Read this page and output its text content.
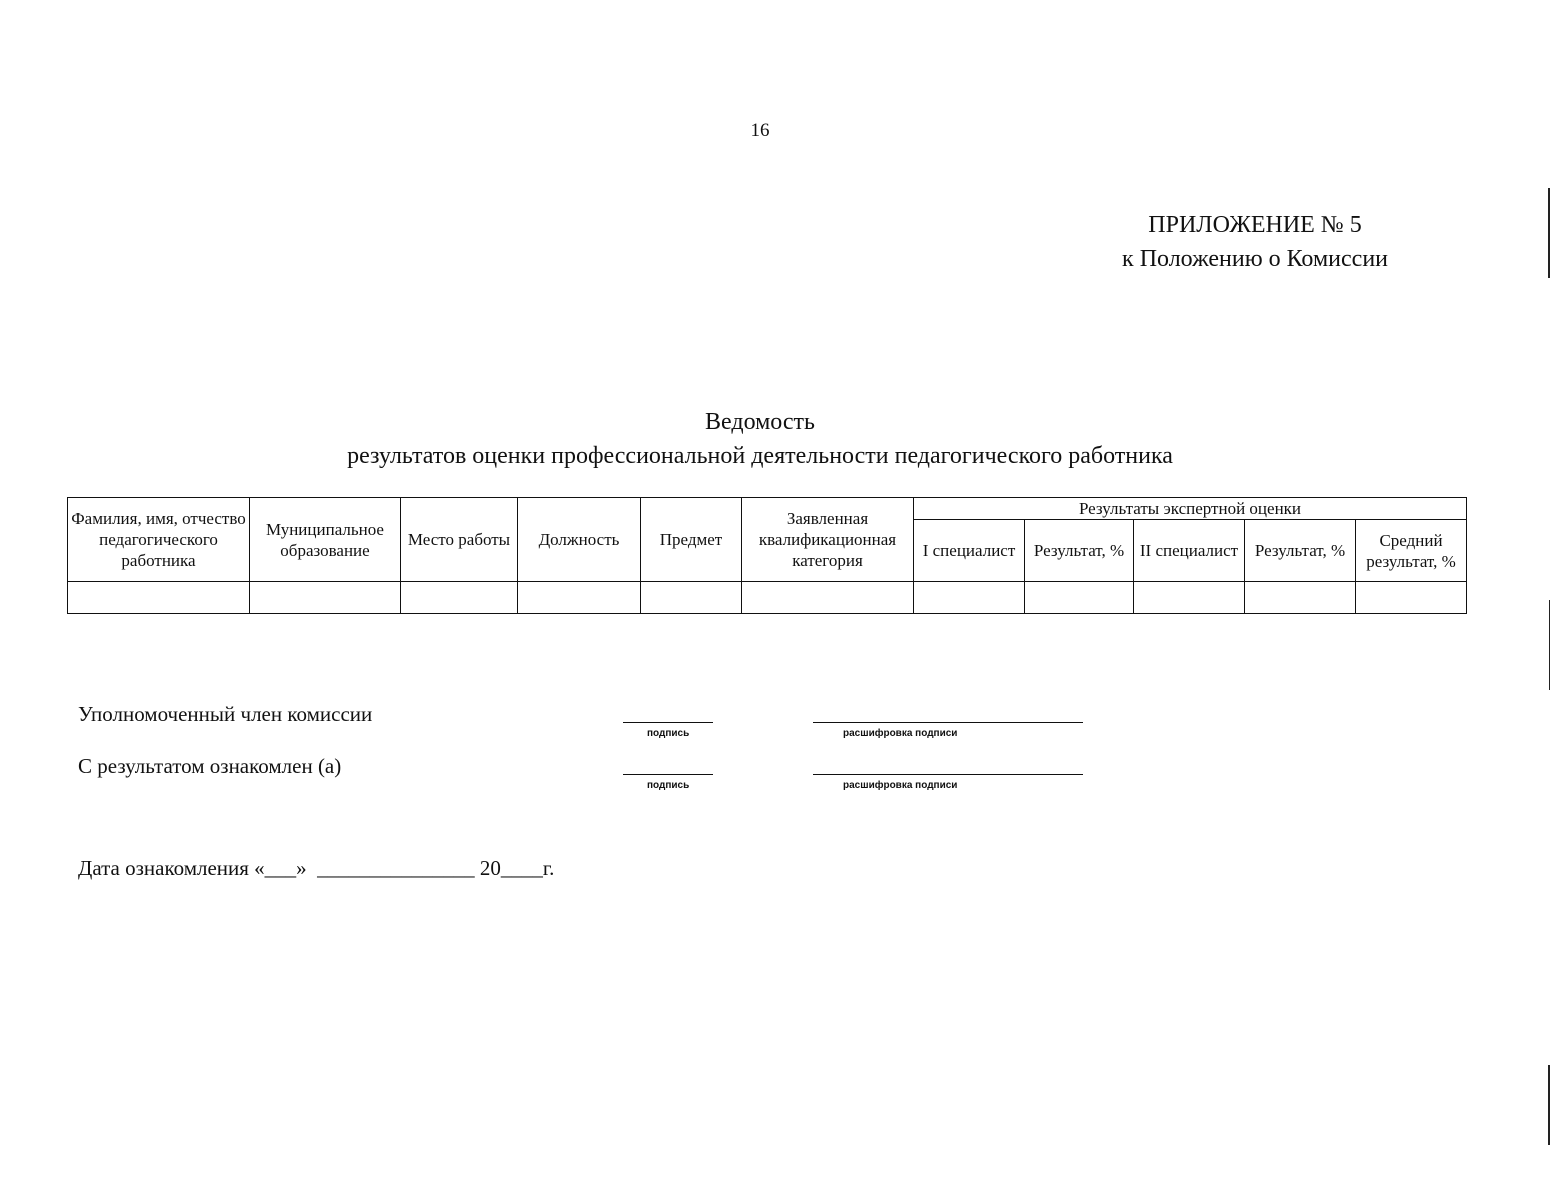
16
ПРИЛОЖЕНИЕ № 5
к Положению о Комиссии
Ведомость
результатов оценки профессиональной деятельности педагогического работника
Фамилия, имя, отчество педагогического работника	Муниципальное образование	Место работы	Должность	Предмет	Заявленная квалификационная категория	Результаты экспертной оценки				
						I специалист	Результат, %	II специалист	Результат, %	Средний результат, %

Уполномоченный член комиссии
подпись	расшифровка подписи
С результатом ознакомлен (а)
подпись	расшифровка подписи
Дата ознакомления «___»  _______________ 20____г.
